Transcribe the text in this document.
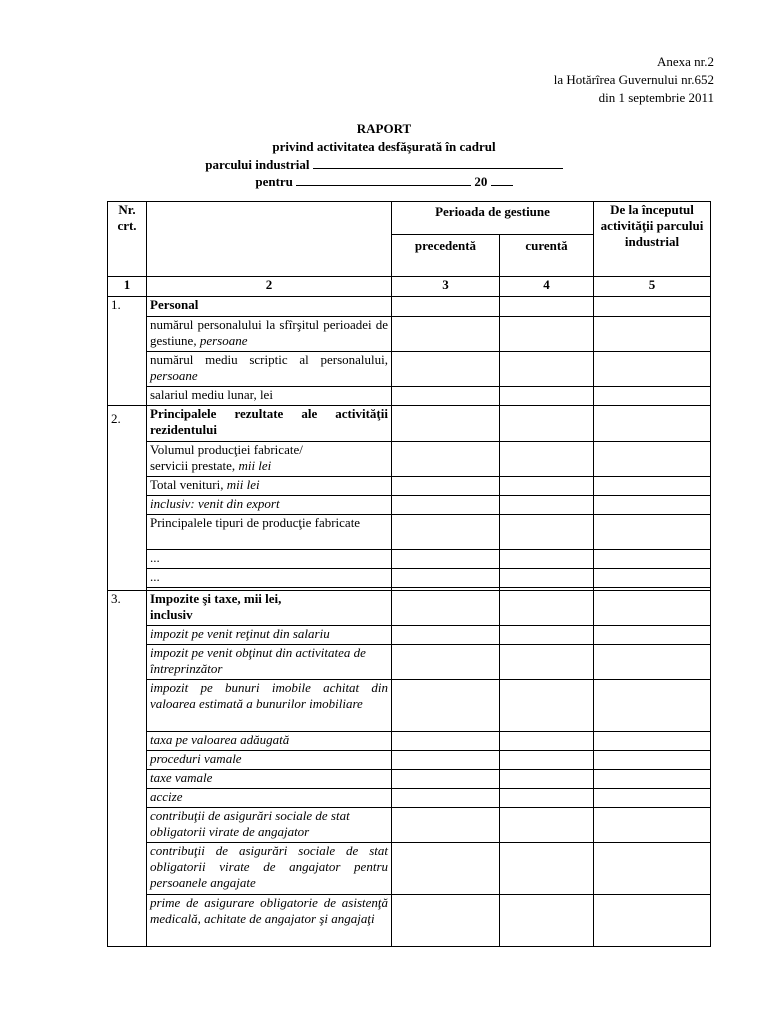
Anexa nr.2
la Hotărîrea Guvernului nr.652
din 1 septembrie 2011
RAPORT
privind activitatea desfăşurată în cadrul
parcului industrial
pentru	20
Nr. crt.		Perioada de gestiune		De la începutul activităţii parcului industrial
		precedentă	curentă	
1	2	3	4	5
1.	Personal			
	numărul personalului la sfîrşitul perioadei de gestiune, persoane			
	numărul mediu scriptic al personalului, persoane			
	salariul mediu lunar, lei			

2.	Principalele rezultate ale activităţii rezidentului			
	Volumul producţiei fabricate/
servicii prestate, mii lei			
	Total venituri, mii lei			
	inclusiv: venit din export			
	Principalele tipuri de producţie fabricate			
	...			
	...			

3.	Impozite şi taxe, mii lei,
inclusiv			
	impozit pe venit reţinut din salariu			
	impozit pe venit obţinut din activitatea de întreprinzător			
	impozit pe bunuri imobile achitat din valoarea estimată a bunurilor imobiliare			
	taxa pe valoarea adăugată			
	proceduri vamale			
	taxe vamale			
	accize			
	contribuţii de asigurări sociale de stat obligatorii virate de angajator			
	contribuţii de asigurări sociale de stat obligatorii virate de angajator pentru persoanele angajate			
	prime de asigurare obligatorie de asistenţă medicală, achitate de angajator şi angajaţi			
